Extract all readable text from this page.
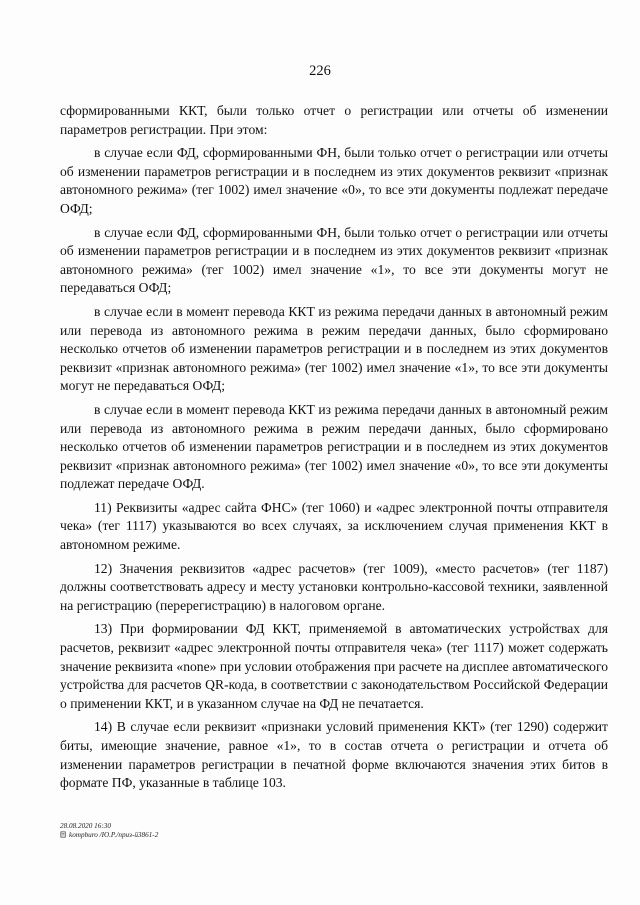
226

сформированными ККТ, были только отчет о регистрации или отчеты об изменении параметров регистрации. При этом:

в случае если ФД, сформированными ФН, были только отчет о регистрации или отчеты об изменении параметров регистрации и в последнем из этих документов реквизит «признак автономного режима» (тег 1002) имел значение «0», то все эти документы подлежат передаче ОФД;

в случае если ФД, сформированными ФН, были только отчет о регистрации или отчеты об изменении параметров регистрации и в последнем из этих документов реквизит «признак автономного режима» (тег 1002) имел значение «1», то все эти документы могут не передаваться ОФД;

в случае если в момент перевода ККТ из режима передачи данных в автономный режим или перевода из автономного режима в режим передачи данных, было сформировано несколько отчетов об изменении параметров регистрации и в последнем из этих документов реквизит «признак автономного режима» (тег 1002) имел значение «1», то все эти документы могут не передаваться ОФД;

в случае если в момент перевода ККТ из режима передачи данных в автономный режим или перевода из автономного режима в режим передачи данных, было сформировано несколько отчетов об изменении параметров регистрации и в последнем из этих документов реквизит «признак автономного режима» (тег 1002) имел значение «0», то все эти документы подлежат передаче ОФД.

11) Реквизиты «адрес сайта ФНС» (тег 1060) и «адрес электронной почты отправителя чека» (тег 1117) указываются во всех случаях, за исключением случая применения ККТ в автономном режиме.

12) Значения реквизитов «адрес расчетов» (тег 1009), «место расчетов» (тег 1187) должны соответствовать адресу и месту установки контрольно-кассовой техники, заявленной на регистрацию (перерегистрацию) в налоговом органе.

13) При формировании ФД ККТ, применяемой в автоматических устройствах для расчетов, реквизит «адрес электронной почты отправителя чека» (тег 1117) может содержать значение реквизита «none» при условии отображения при расчете на дисплее автоматического устройства для расчетов QR-кода, в соответствии с законодательством Российской Федерации о применении ККТ, и в указанном случае на ФД не печатается.

14) В случае если реквизит «признаки условий применения ККТ» (тег 1290) содержит биты, имеющие значение, равное «1», то в состав отчета о регистрации и отчета об изменении параметров регистрации в печатной форме включаются значения этих битов в формате ПФ, указанные в таблице 103.

28.08.2020 16:30
kompburo /Ю.Р./приз-й3861-2
